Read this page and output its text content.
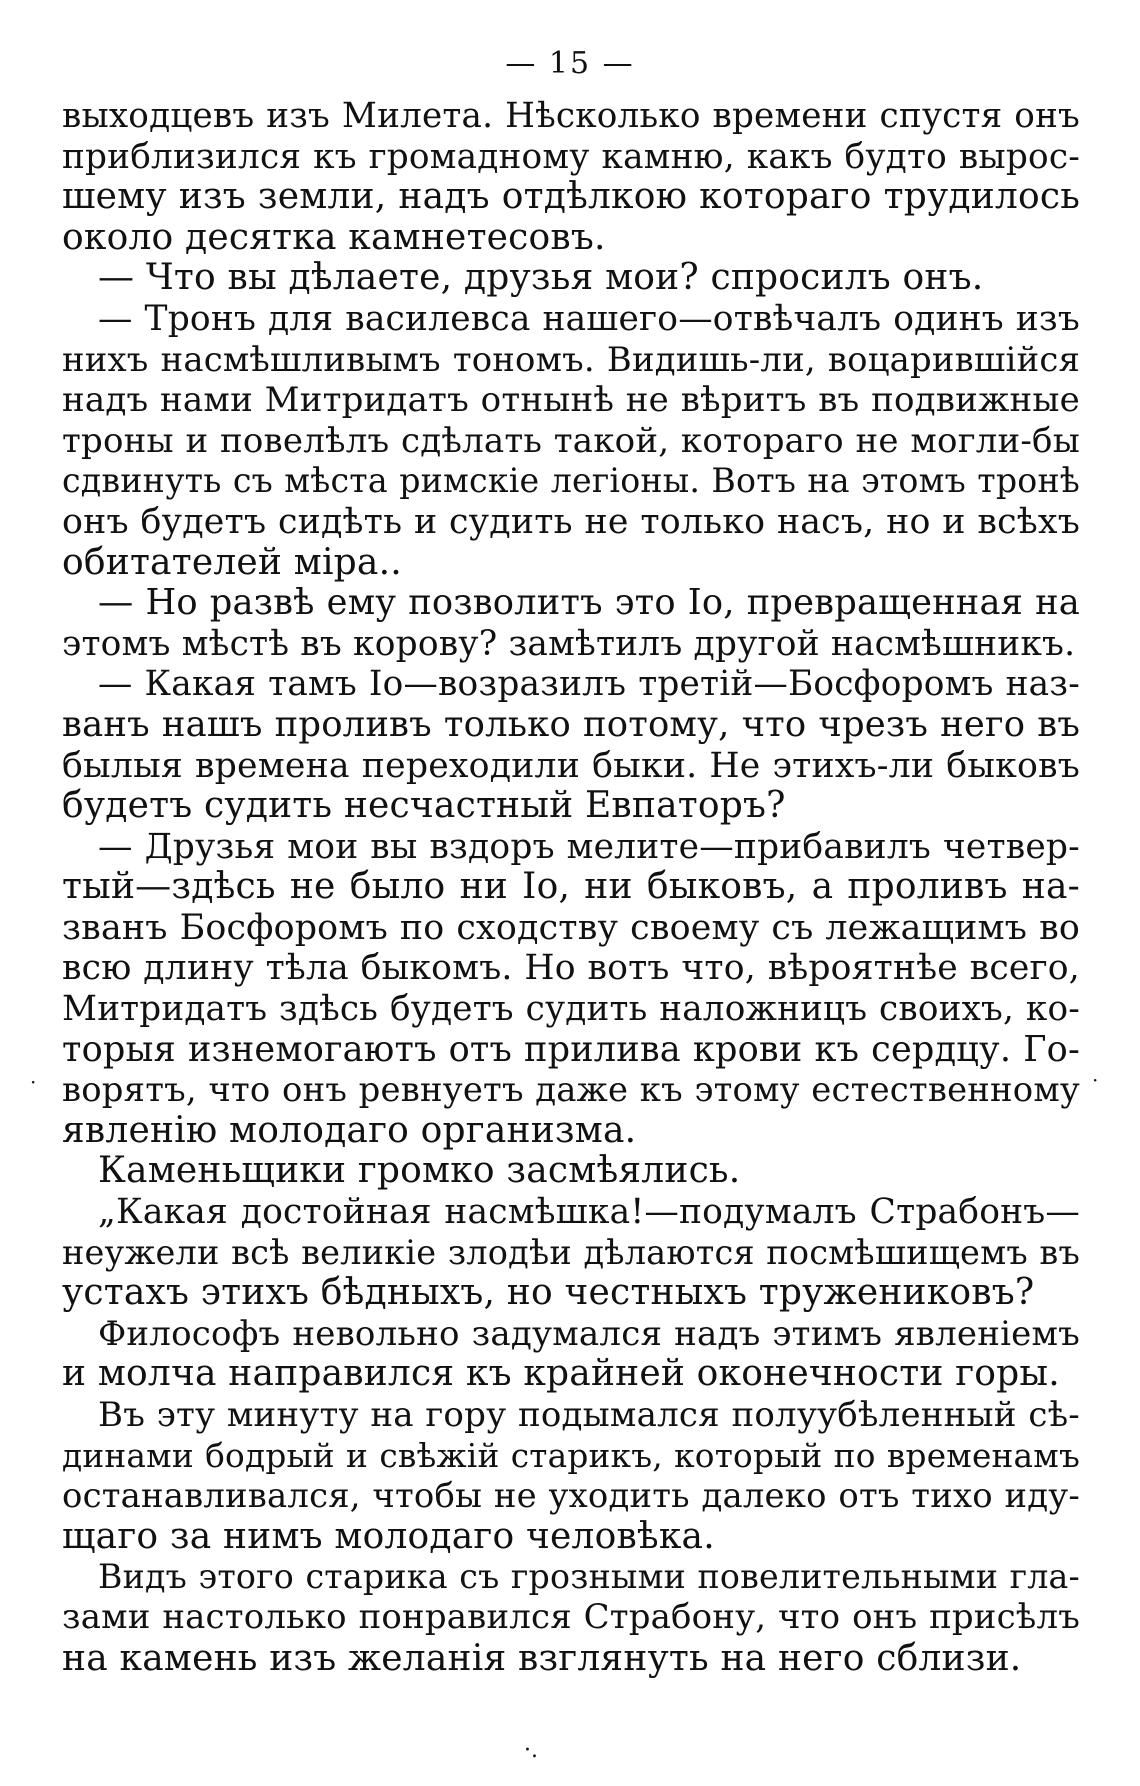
— 15 —
выходцевъ изъ Милета. Нѣсколько времени спустя онъ
приблизился къ громадному камню, какъ будто вырос-
шему изъ земли, надъ отдѣлкою котораго трудилось
около десятка камнетесовъ.
— Что вы дѣлаете, друзья мои? спросилъ онъ.
— Тронъ для василевса нашего—отвѣчалъ одинъ изъ
нихъ насмѣшливымъ тономъ. Видишь-ли, воцарившійся
надъ нами Митридатъ отнынѣ не вѣритъ въ подвижные
троны и повелѣлъ сдѣлать такой, котораго не могли-бы
сдвинуть съ мѣста римскіе легіоны. Вотъ на этомъ тронѣ
онъ будетъ сидѣть и судить не только насъ, но и всѣхъ
обитателей міра..
— Но развѣ ему позволитъ это Іо, превращенная на
этомъ мѣстѣ въ корову? замѣтилъ другой насмѣшникъ.
— Какая тамъ Іо—возразилъ третій—Босфоромъ наз-
ванъ нашъ проливъ только потому, что чрезъ него въ
былыя времена переходили быки. Не этихъ-ли быковъ
будетъ судить несчастный Евпаторъ?
— Друзья мои вы вздоръ мелите—прибавилъ четвер-
тый—здѣсь не было ни Іо, ни быковъ, а проливъ на-
званъ Босфоромъ по сходству своему съ лежащимъ во
всю длину тѣла быкомъ. Но вотъ что, вѣроятнѣе всего,
Митридатъ здѣсь будетъ судить наложницъ своихъ, ко-
торыя изнемогаютъ отъ прилива крови къ сердцу. Го-
ворятъ, что онъ ревнуетъ даже къ этому естественному
явленію молодаго организма.
Каменьщики громко засмѣялись.
„Какая достойная насмѣшка!—подумалъ Страбонъ—
неужели всѣ великіе злодѣи дѣлаются посмѣшищемъ въ
устахъ этихъ бѣдныхъ, но честныхъ тружениковъ?
Философъ невольно задумался надъ этимъ явленіемъ
и молча направился къ крайней оконечности горы.
Въ эту минуту на гору подымался полуубѣленный сѣ-
динами бодрый и свѣжій старикъ, который по временамъ
останавливался, чтобы не уходить далеко отъ тихо иду-
щаго за нимъ молодаго человѣка.
Видъ этого старика съ грозными повелительными гла-
зами настолько понравился Страбону, что онъ присѣлъ
на камень изъ желанія взглянуть на него сблизи.
·.
·	·
